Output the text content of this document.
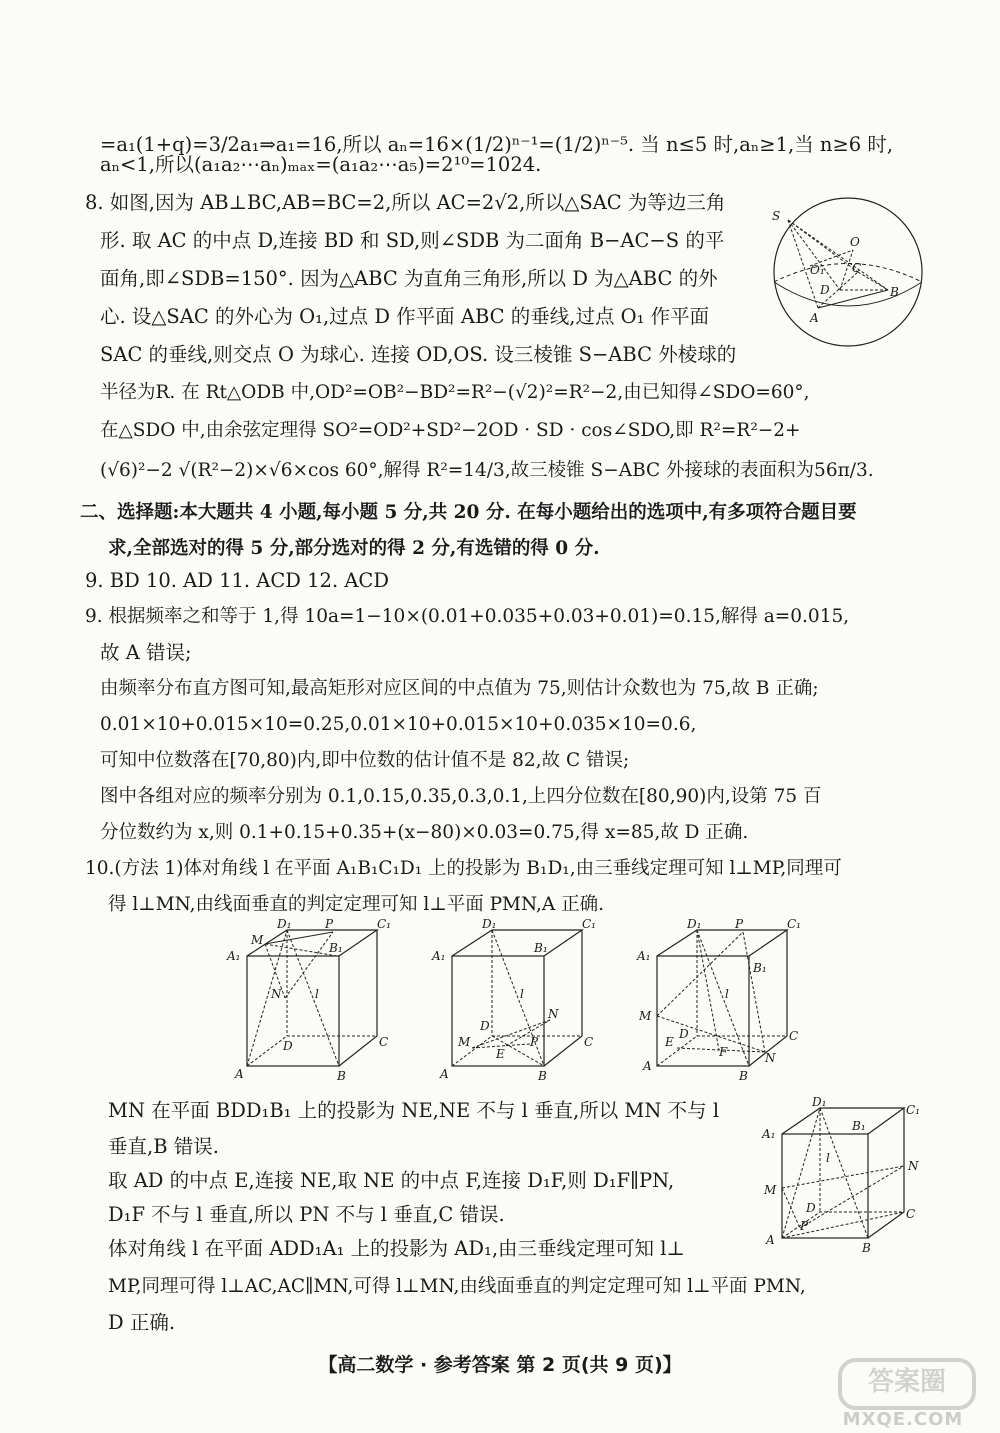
=a₁(1+q)=3/2a₁⇒a₁=16,所以 aₙ=16×(1/2)ⁿ⁻¹=(1/2)ⁿ⁻⁵. 当 n≤5 时,aₙ≥1,当 n≥6 时,
aₙ<1,所以(a₁a₂⋯aₙ)ₘₐₓ=(a₁a₂⋯a₅)=2¹⁰=1024.
8. 如图,因为 AB⊥BC,AB=BC=2,所以 AC=2√2,所以△SAC 为等边三角
形. 取 AC 的中点 D,连接 BD 和 SD,则∠SDB 为二面角 B−AC−S 的平
面角,即∠SDB=150°. 因为△ABC 为直角三角形,所以 D 为△ABC 的外
心. 设△SAC 的外心为 O₁,过点 D 作平面 ABC 的垂线,过点 O₁ 作平面
SAC 的垂线,则交点 O 为球心. 连接 OD,OS. 设三棱锥 S−ABC 外棱球的
半径为R. 在 Rt△ODB 中,OD²=OB²−BD²=R²−(√2)²=R²−2,由已知得∠SDO=60°,
在△SDO 中,由余弦定理得 SO²=OD²+SD²−2OD · SD · cos∠SDO,即 R²=R²−2+
(√6)²−2 √(R²−2)×√6×cos 60°,解得 R²=14/3,故三棱锥 S−ABC 外接球的表面积为56π/3.
二、选择题:本大题共 4 小题,每小题 5 分,共 20 分. 在每小题给出的选项中,有多项符合题目要
求,全部选对的得 5 分,部分选对的得 2 分,有选错的得 0 分.
9. BD 10. AD 11. ACD 12. ACD
9. 根据频率之和等于 1,得 10a=1−10×(0.01+0.035+0.03+0.01)=0.15,解得 a=0.015,
故 A 错误;
由频率分布直方图可知,最高矩形对应区间的中点值为 75,则估计众数也为 75,故 B 正确;
0.01×10+0.015×10=0.25,0.01×10+0.015×10+0.035×10=0.6,
可知中位数落在[70,80)内,即中位数的估计值不是 82,故 C 错误;
图中各组对应的频率分别为 0.1,0.15,0.35,0.3,0.1,上四分位数在[80,90)内,设第 75 百
分位数约为 x,则 0.1+0.15+0.35+(x−80)×0.03=0.75,得 x=85,故 D 正确.
10.(方法 1)体对角线 l 在平面 A₁B₁C₁D₁ 上的投影为 B₁D₁,由三垂线定理可知 l⊥MP,同理可
得 l⊥MN,由线面垂直的判定定理可知 l⊥平面 PMN,A 正确.
MN 在平面 BDD₁B₁ 上的投影为 NE,NE 不与 l 垂直,所以 MN 不与 l
垂直,B 错误.
取 AD 的中点 E,连接 NE,取 NE 的中点 F,连接 D₁F,则 D₁F∥PN,
D₁F 不与 l 垂直,所以 PN 不与 l 垂直,C 错误.
体对角线 l 在平面 ADD₁A₁ 上的投影为 AD₁,由三垂线定理可知 l⊥
MP,同理可得 l⊥AC,AC∥MN,可得 l⊥MN,由线面垂直的判定定理可知 l⊥平面 PMN,
D 正确.
S
O
O₁ C
D	B
A
D₁	P	C₁
M
B₁
A₁
N	l
D	C
A	B
D₁	C₁
B₁
A₁
l
N
D
M	P
E
C
A	B
D₁	P	C₁
A₁
B₁
l
M
D
E
F
C
N
A
B
D₁
C₁
B₁
A₁
l
N
M
D
P
C
A
B
【高二数学 · 参考答案 第 2 页(共 9 页)】
答案圈
MXQE.COM
